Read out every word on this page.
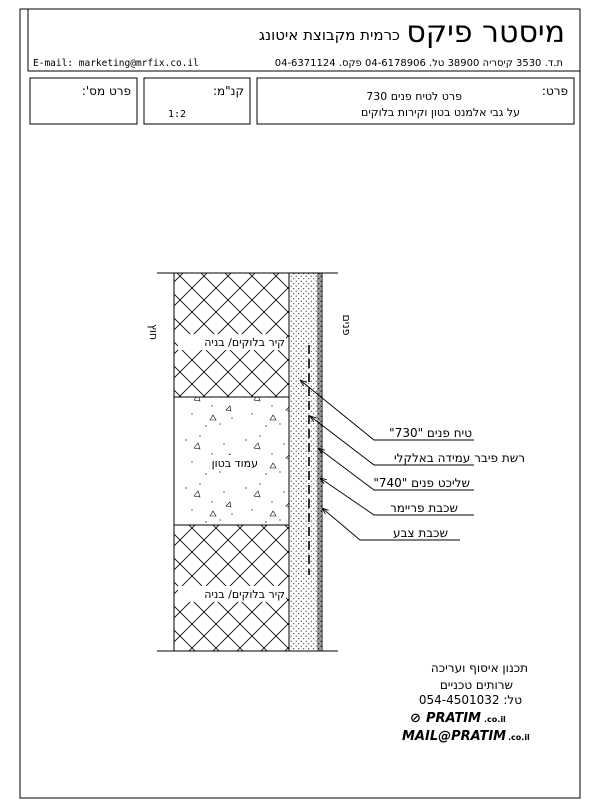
מיסטר פיקס
כרמית מקבוצת איטונג
ת.ד. 3530 קיסריה 38900 טל. 04-6178906 פקס. 04-6371124
E-mail: marketing@mrfix.co.il
פרט:
פרט לטיח פנים 730
על גבי אלמנט בטון וקירות בלוקים
קנ"מ:
1:2
פרט מס':
חוץ	פנים
קיר בלוקים/ בניה
עמוד בטון
קיר בלוקים/ בניה
טיח פנים "730"
רשת פיבר עמידה באלקלי
שליכט פנים "740"
שכבת פריימר
שכבת צבע
תכנון איסוף ועריכה
שרותים טכניים
טל: 054-4501032
⊘ PRATIM .co.il
MAIL@PRATIM .co.il
